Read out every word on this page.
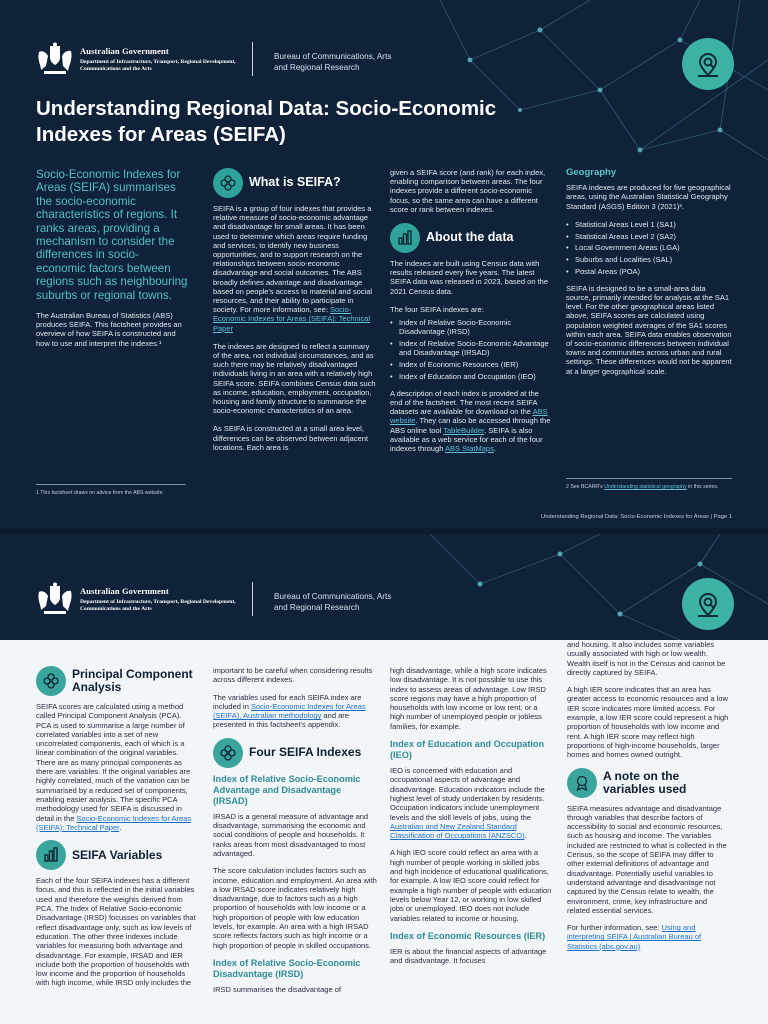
Australian Government
Department of Infrastructure, Transport, Regional Development, Communications and the Arts
Bureau of Communications, Arts and Regional Research
Understanding Regional Data: Socio-Economic Indexes for Areas (SEIFA)

Socio-Economic Indexes for Areas (SEIFA) summarises the socio-economic characteristics of regions. It ranks areas, providing a mechanism to consider the differences in socio-economic factors between regions such as neighbouring suburbs or regional towns.

The Australian Bureau of Statistics (ABS) produces SEIFA. This factsheet provides an overview of how SEIFA is constructed and how to use and interpret the indexes.¹

1 This factsheet draws on advice from the ABS website.
What is SEIFA?

SEIFA is a group of four indexes that provides a relative measure of socio-economic advantage and disadvantage for small areas. It has been used to determine which areas require funding and services, to identify new business opportunities, and to support research on the relationships between socio-economic disadvantage and social outcomes. The ABS broadly defines advantage and disadvantage based on people's access to material and social resources, and their ability to participate in society. For more information, see: Socio-Economic Indexes for Areas (SEIFA): Technical Paper

The indexes are designed to reflect a summary of the area, not individual circumstances, and as such there may be relatively disadvantaged individuals living in an area with a relatively high SEIFA score. SEIFA combines Census data such as income, education, employment, occupation, housing and family structure to summarise the socio-economic characteristics of an area.

As SEIFA is constructed at a small area level, differences can be observed between adjacent locations. Each area is

given a SEIFA score (and rank) for each index, enabling comparison between areas. The four indexes provide a different socio-economic focus, so the same area can have a different score or rank between indexes.

About the data

The indexes are built using Census data with results released every five years. The latest SEIFA data was released in 2023, based on the 2021 Census data.

The four SEIFA indexes are:

• Index of Relative Socio-Economic Disadvantage (IRSD)
• Index of Relative Socio-Economic Advantage and Disadvantage (IRSAD)
• Index of Economic Resources (IER)
• Index of Education and Occupation (IEO)

A description of each index is provided at the end of the factsheet. The most recent SEIFA datasets are available for download on the ABS website. They can also be accessed through the ABS online tool TableBuilder. SEIFA is also available as a web service for each of the four indexes through ABS StatMaps.

Geography

SEIFA indexes are produced for five geographical areas, using the Australian Statistical Geography Standard (ASGS) Edition 3 (2021)².

• Statistical Areas Level 1 (SA1)
• Statistical Areas Level 2 (SA2)
• Local Government Areas (LGA)
• Suburbs and Localities (SAL)
• Postal Areas (POA)

SEIFA is designed to be a small-area data source, primarily intended for analysis at the SA1 level. For the other geographical areas listed above, SEIFA scores are calculated using population weighted averages of the SA1 scores within each area. SEIFA data enables observation of socio-economic differences between individual towns and communities across urban and rural settings. These differences would not be apparent at a larger geographical scale.

2 See BCARR's Understanding statistical geography in this series.
Understanding Regional Data: Socio-Economic Indexes for Areas | Page 1
Australian Government
Department of Infrastructure, Transport, Regional Development, Communications and the Arts
Bureau of Communications, Arts and Regional Research
Principal Component Analysis

SEIFA scores are calculated using a method called Principal Component Analysis (PCA). PCA is used to summarise a large number of correlated variables into a set of new uncorrelated components, each of which is a linear combination of the original variables. There are as many principal components as there are variables. If the original variables are highly correlated, much of the variation can be summarised by a reduced set of components, enabling easier analysis. The specific PCA methodology used for SEIFA is discussed in detail in the Socio-Economic Indexes for Areas (SEIFA): Technical Paper.

SEIFA Variables

Each of the four SEIFA indexes has a different focus, and this is reflected in the initial variables used and therefore the weights derived from PCA. The Index of Relative Socio-economic Disadvantage (IRSD) focusses on variables that reflect disadvantage only, such as low levels of education. The other three indexes include variables for measuring both advantage and disadvantage. For example, IRSAD and IER include both the proportion of households with low income and the proportion of households with high income, while IRSD only includes the

important to be careful when considering results across different indexes.

The variables used for each SEIFA index are included in Socio-Economic Indexes for Areas (SEIFA), Australian methodology and are presented in this factsheet's appendix.

Four SEIFA Indexes
Index of Relative Socio-Economic Advantage and Disadvantage (IRSAD)

IRSAD is a general measure of advantage and disadvantage, summarising the economic and social conditions of people and households. It ranks areas from most disadvantaged to most advantaged.

The score calculation includes factors such as income, education and employment. An area with a low IRSAD score indicates relatively high disadvantage, due to factors such as a high proportion of households with low income or a high proportion of people with low education levels, for example. An area with a high IRSAD score reflects factors such as high income or a high proportion of people in skilled occupations.

Index of Relative Socio-Economic Disadvantage (IRSD)

IRSD summarises the disadvantage of

high disadvantage, while a high score indicates low disadvantage. It is not possible to use this index to assess areas of advantage. Low IRSD score regions may have a high proportion of households with low income or low rent, or a high number of unemployed people or jobless families, for example.

Index of Education and Occupation (IEO)

IEO is concerned with education and occupational aspects of advantage and disadvantage. Education indicators include the highest level of study undertaken by residents. Occupation indicators include unemployment levels and the skill levels of jobs, using the Australian and New Zealand Standard Classification of Occupations (ANZSCO).

A high IEO score could reflect an area with a high number of people working in skilled jobs and high incidence of educational qualifications, for example. A low IEO score could reflect for example a high number of people with education levels below Year 12, or working in low skilled jobs or unemployed. IEO does not include variables related to income or housing.

Index of Economic Resources (IER)

IER is about the financial aspects of advantage and disadvantage. It focuses

and housing. It also includes some variables usually associated with high or low wealth. Wealth itself is not in the Census and cannot be directly captured by SEIFA.

A high IER score indicates that an area has greater access to economic resources and a low IER score indicates more limited access. For example, a low IER score could represent a high proportion of households with low income and rent. A high IER score may reflect high proportions of high-income households, larger homes and homes owned outright.

A note on the variables used

SEIFA measures advantage and disadvantage through variables that describe factors of accessibility to social and economic resources, such as housing and income. The variables included are restricted to what is collected in the Census, so the scope of SEIFA may differ to other external definitions of advantage and disadvantage. Potentially useful variables to understand advantage and disadvantage not captured by the Census relate to wealth, the environment, crime, key infrastructure and related essential services.

For further information, see: Using and interpreting SEIFA | Australian Bureau of Statistics (abs.gov.au)
